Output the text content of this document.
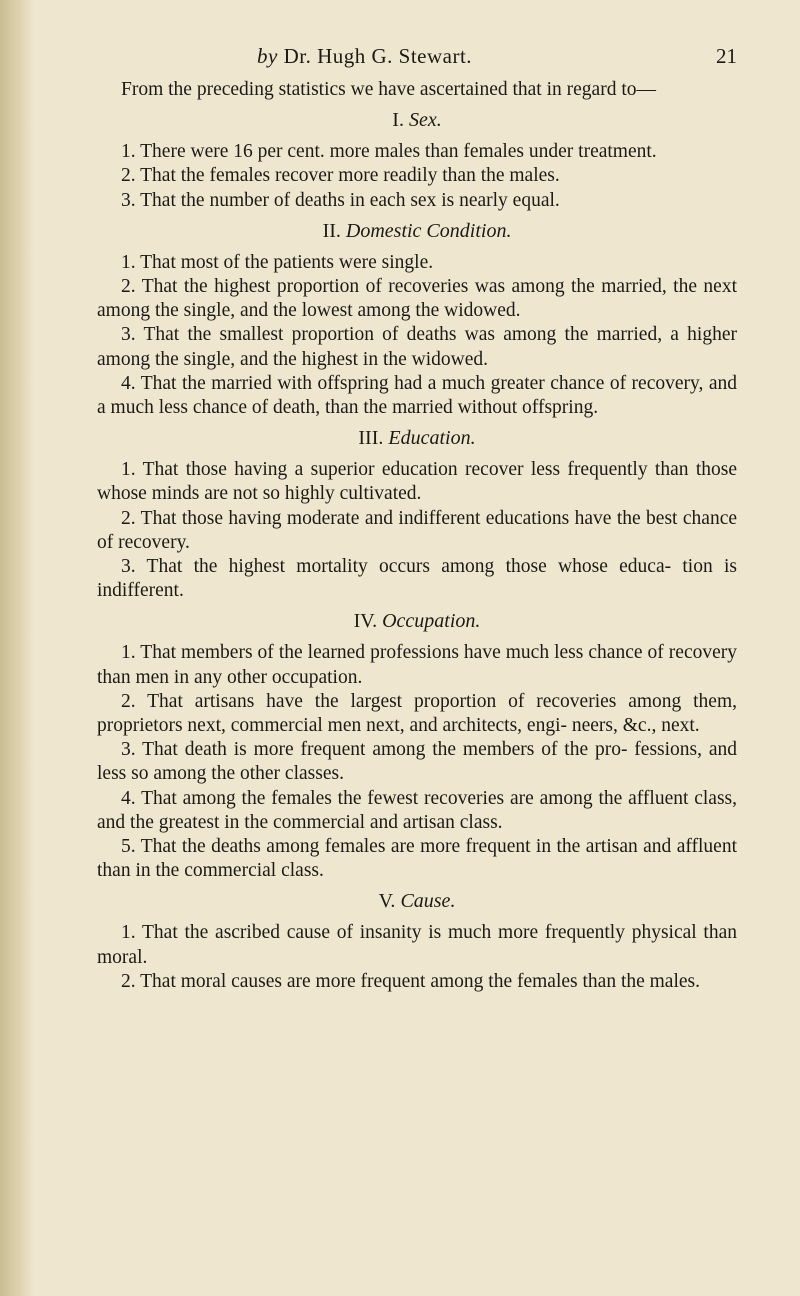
by Dr. Hugh G. Stewart.	21

From the preceding statistics we have ascertained that in regard to—

I. Sex.

1. There were 16 per cent. more males than females under treatment.

2. That the females recover more readily than the males.

3. That the number of deaths in each sex is nearly equal.

II. Domestic Condition.

1. That most of the patients were single.

2. That the highest proportion of recoveries was among the married, the next among the single, and the lowest among the widowed.

3. That the smallest proportion of deaths was among the married, a higher among the single, and the highest in the widowed.

4. That the married with offspring had a much greater chance of recovery, and a much less chance of death, than the married without offspring.

III. Education.

1. That those having a superior education recover less frequently than those whose minds are not so highly cultivated.

2. That those having moderate and indifferent educations have the best chance of recovery.

3. That the highest mortality occurs among those whose educa- tion is indifferent.

IV. Occupation.

1. That members of the learned professions have much less chance of recovery than men in any other occupation.

2. That artisans have the largest proportion of recoveries among them, proprietors next, commercial men next, and architects, engi- neers, &c., next.

3. That death is more frequent among the members of the pro- fessions, and less so among the other classes.

4. That among the females the fewest recoveries are among the affluent class, and the greatest in the commercial and artisan class.

5. That the deaths among females are more frequent in the artisan and affluent than in the commercial class.

V. Cause.

1. That the ascribed cause of insanity is much more frequently physical than moral.

2. That moral causes are more frequent among the females than the males.
